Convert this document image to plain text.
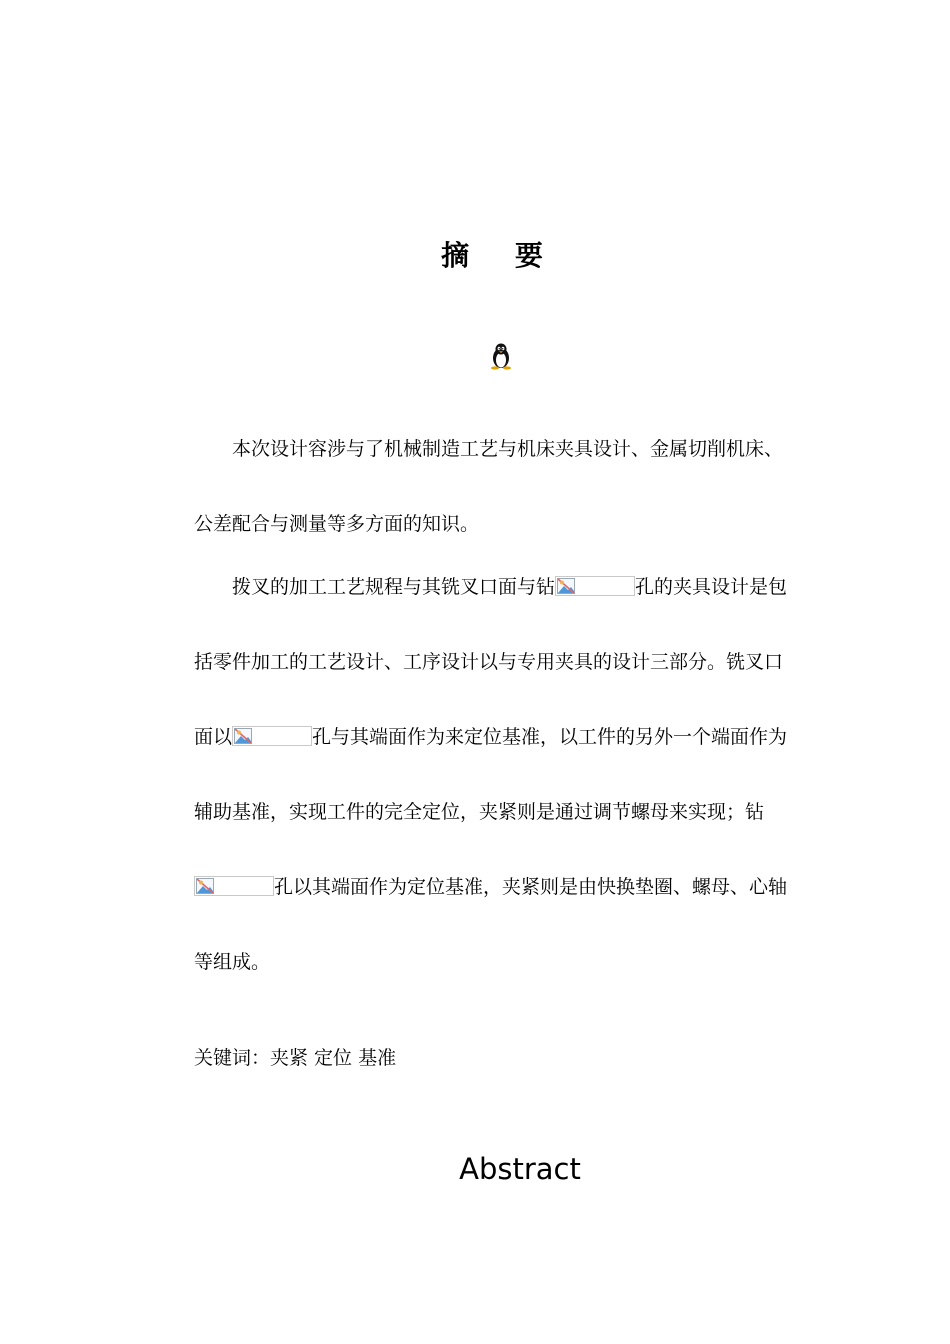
摘 要

本次设计容涉与了机械制造工艺与机床夹具设计、金属切削机床、
公差配合与测量等多方面的知识。

拨叉的加工工艺规程与其铣叉口面与钻	孔的夹具设计是包
括零件加工的工艺设计、工序设计以与专用夹具的设计三部分。铣叉口
面以	孔与其端面作为来定位基准，以工件的另外一个端面作为
辅助基准，实现工件的完全定位，夹紧则是通过调节螺母来实现；钻
孔以其端面作为定位基准，夹紧则是由快换垫圈、螺母、心轴
等组成。

关键词：夹紧 定位 基准
Abstract
